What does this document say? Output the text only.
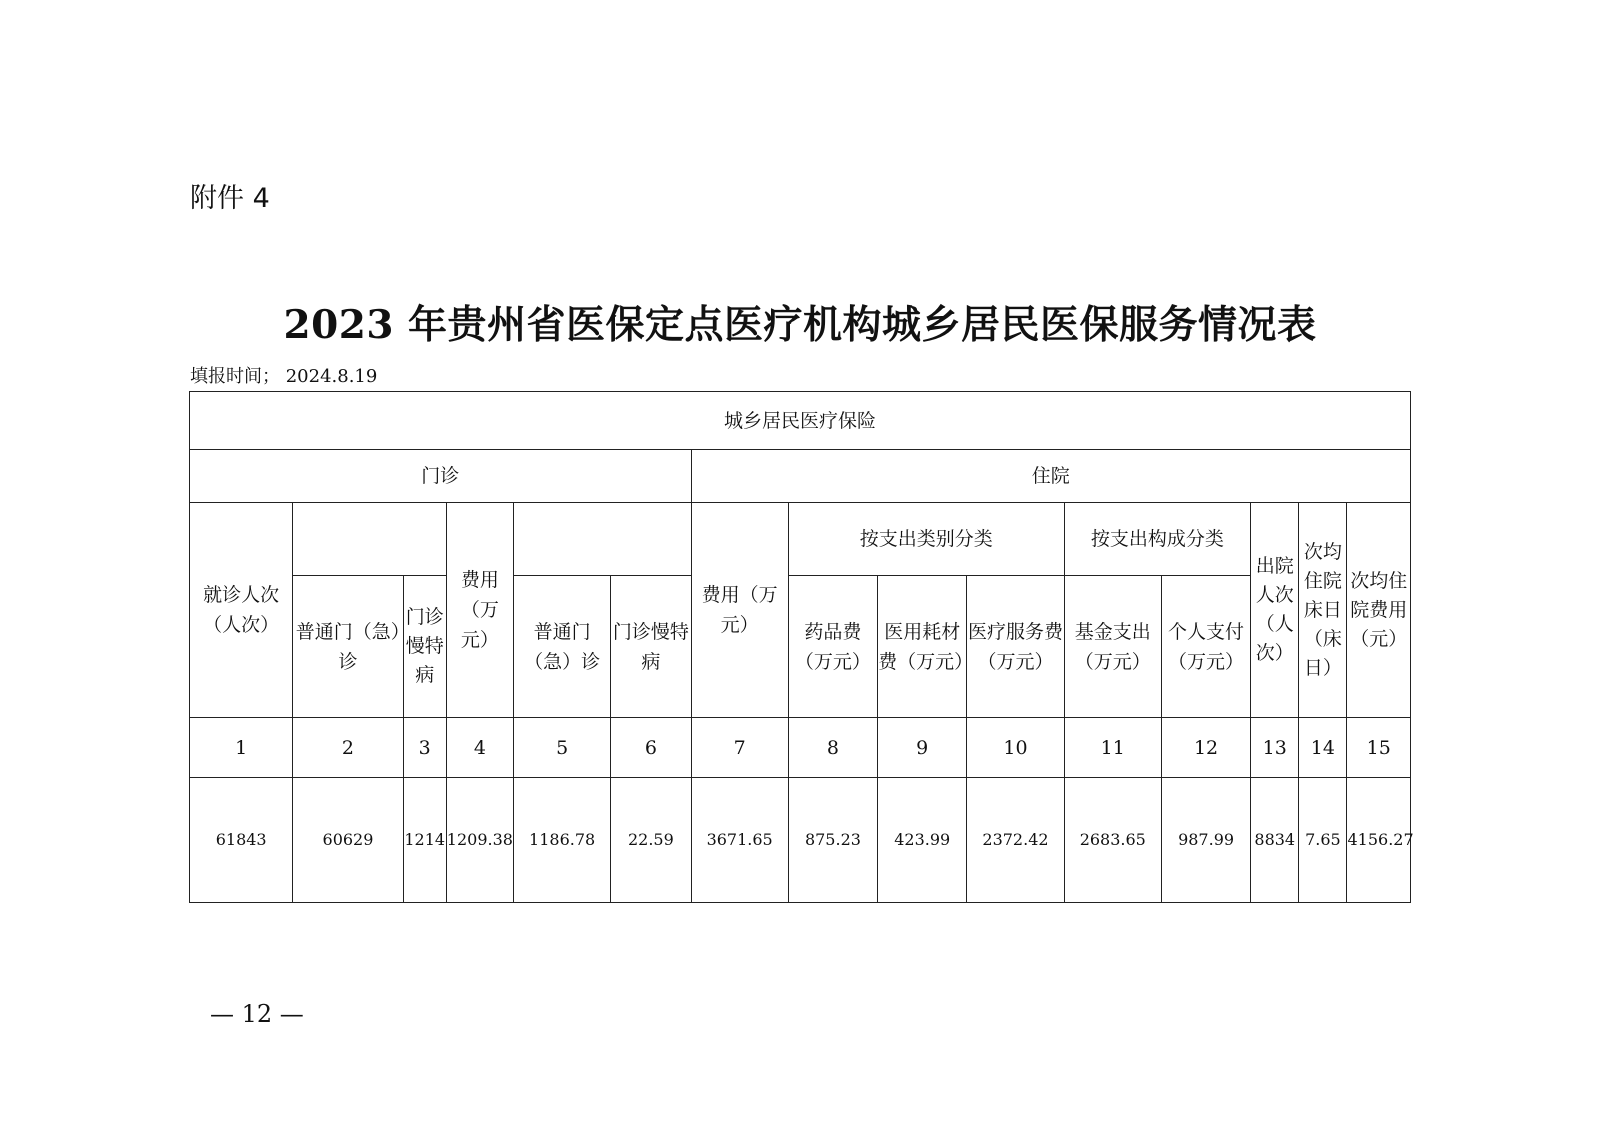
附件 4
2023 年贵州省医保定点医疗机构城乡居民医保服务情况表
填报时间； 2024.8.19
城乡居民医疗保险														
门诊						住院								
就诊人次（人次）			费用（万元）			费用（万元）	按支出类别分类			按支出构成分类		出院人次（人次）	次均住院床日（床日）	次均住院费用（元）
	普通门（急）诊	门诊慢特病		普通门（急）诊	门诊慢特病		药品费（万元）	医用耗材费（万元）	医疗服务费（万元）	基金支出（万元）	个人支付（万元）			
1	2	3	4	5	6	7	8	9	10	11	12	13	14	15
61843	60629	1214	1209.38	1186.78	22.59	3671.65	875.23	423.99	2372.42	2683.65	987.99	8834	7.65	4156.27
— 12 —
